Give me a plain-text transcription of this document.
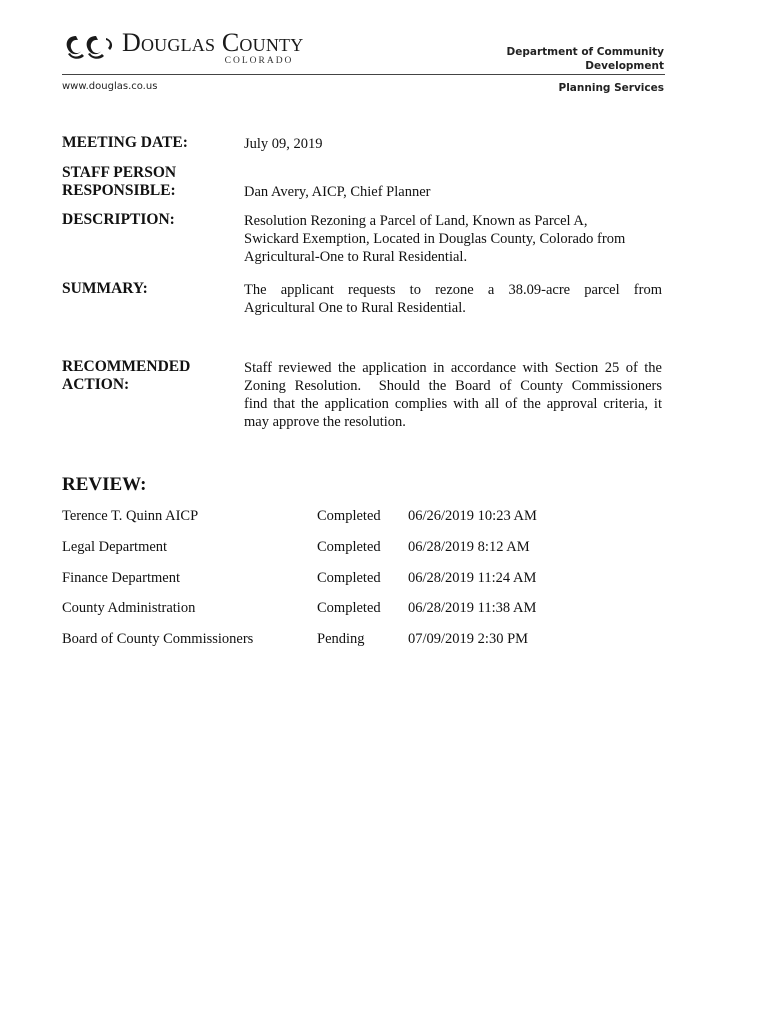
Douglas County
COLORADO
Department of Community
Development
www.douglas.co.us	Planning Services
MEETING DATE:	July 09, 2019
STAFF PERSON
RESPONSIBLE:	Dan Avery, AICP, Chief Planner
DESCRIPTION:	Resolution Rezoning a Parcel of Land, Known as Parcel A,
Swickard Exemption, Located in Douglas County, Colorado from
Agricultural-One to Rural Residential.
SUMMARY:	The applicant requests to rezone a 38.09-acre parcel from
Agricultural One to Rural Residential.
RECOMMENDED
ACTION:
Staff reviewed the application in accordance with Section 25 of the
Zoning Resolution.  Should the Board of County Commissioners
find that the application complies with all of the approval criteria, it
may approve the resolution.
REVIEW:
Terence T. Quinn AICP	Completed 06/26/2019 10:23 AM
Legal Department	Completed 06/28/2019 8:12 AM
Finance Department	Completed 06/28/2019 11:24 AM
County Administration	Completed 06/28/2019 11:38 AM
Board of County Commissioners	Pending	07/09/2019 2:30 PM
